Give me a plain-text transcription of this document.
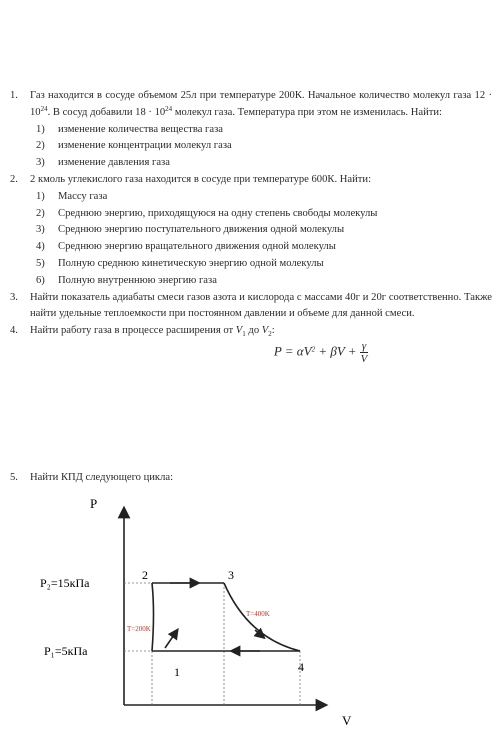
1. Газ находится в сосуде объемом 25л при температуре 200К. Начальное количество молекул газа $12 \cdot 10^{24}$. В сосуд добавили $18 \cdot 10^{24}$ молекул газа. Температура при этом не изменилась. Найти:
1) изменение количества вещества газа
2) изменение концентрации молекул газа
3) изменение давления газа
2. 2 кмоль углекислого газа находится в сосуде при температуре 600К. Найти:
1) Массу газа
2) Среднюю энергию, приходящуюся на одну степень свободы молекулы
3) Среднюю энергию поступательного движения одной молекулы
4) Среднюю энергию вращательного движения одной молекулы
5) Полную среднюю кинетическую энергию одной молекулы
6) Полную внутреннюю энергию газа
3. Найти показатель адиабаты смеси газов азота и кислорода с массами 40г и 20г соответственно. Также найти удельные теплоемкости при постоянном давлении и объеме для данной смеси.
4. Найти работу газа в процессе расширения от $V_1$ до $V_2$:
$P = \alpha V^2 + \beta V + \frac{\gamma}{V}$
5. Найти КПД следующего цикла:
P
V
P₂=15кПа
P₁=5кПа
2	3
1	4
T=200K
T=400K
